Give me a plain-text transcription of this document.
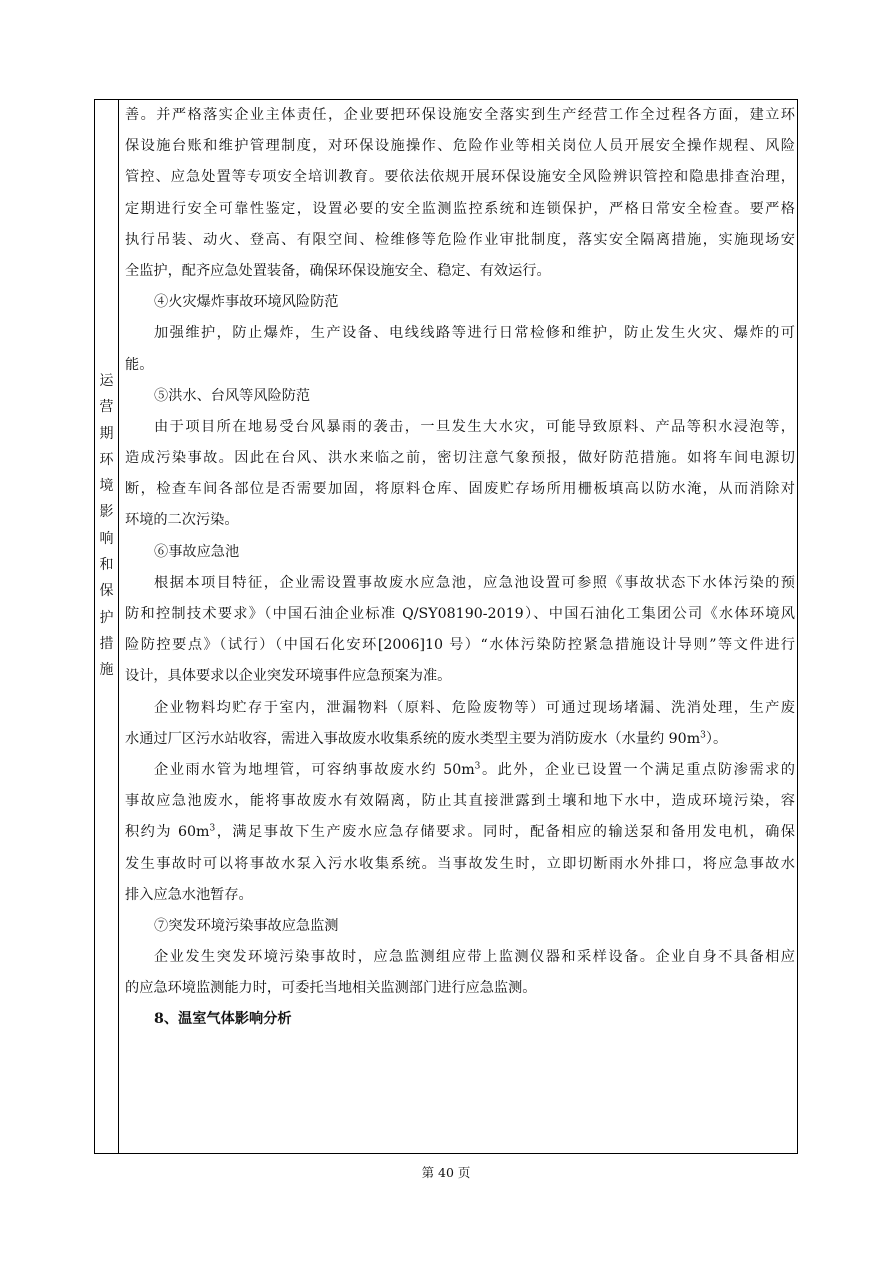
运
营
期
环
境
影
响
和
保
护
措
施
善。并严格落实企业主体责任，企业要把环保设施安全落实到生产经营工作全过程各方面，建立环
保设施台账和维护管理制度，对环保设施操作、危险作业等相关岗位人员开展安全操作规程、风险
管控、应急处置等专项安全培训教育。要依法依规开展环保设施安全风险辨识管控和隐患排查治理，
定期进行安全可靠性鉴定，设置必要的安全监测监控系统和连锁保护，严格日常安全检查。要严格
执行吊装、动火、登高、有限空间、检维修等危险作业审批制度，落实安全隔离措施，实施现场安
全监护，配齐应急处置装备，确保环保设施安全、稳定、有效运行。
④火灾爆炸事故环境风险防范
加强维护，防止爆炸，生产设备、电线线路等进行日常检修和维护，防止发生火灾、爆炸的可
能。
⑤洪水、台风等风险防范
由于项目所在地易受台风暴雨的袭击，一旦发生大水灾，可能导致原料、产品等积水浸泡等，
造成污染事故。因此在台风、洪水来临之前，密切注意气象预报，做好防范措施。如将车间电源切
断，检查车间各部位是否需要加固，将原料仓库、固废贮存场所用栅板填高以防水淹，从而消除对
环境的二次污染。
⑥事故应急池
根据本项目特征，企业需设置事故废水应急池，应急池设置可参照《事故状态下水体污染的预
防和控制技术要求》（中国石油企业标准 Q/SY08190-2019）、中国石油化工集团公司《水体环境风
险防控要点》（试行）（中国石化安环[2006]10 号）“水体污染防控紧急措施设计导则”等文件进行
设计，具体要求以企业突发环境事件应急预案为准。
企业物料均贮存于室内，泄漏物料（原料、危险废物等）可通过现场堵漏、洗消处理，生产废
水通过厂区污水站收容，需进入事故废水收集系统的废水类型主要为消防废水（水量约 $90m^3$）。
企业雨水管为地埋管，可容纳事故废水约 $50m^3$。此外，企业已设置一个满足重点防渗需求的
事故应急池废水，能将事故废水有效隔离，防止其直接泄露到土壤和地下水中，造成环境污染，容
积约为 $60m^3$，满足事故下生产废水应急存储要求。同时，配备相应的输送泵和备用发电机，确保
发生事故时可以将事故水泵入污水收集系统。当事故发生时，立即切断雨水外排口，将应急事故水
排入应急水池暂存。
⑦突发环境污染事故应急监测
企业发生突发环境污染事故时，应急监测组应带上监测仪器和采样设备。企业自身不具备相应
的应急环境监测能力时，可委托当地相关监测部门进行应急监测。
8、温室气体影响分析
第 40 页
